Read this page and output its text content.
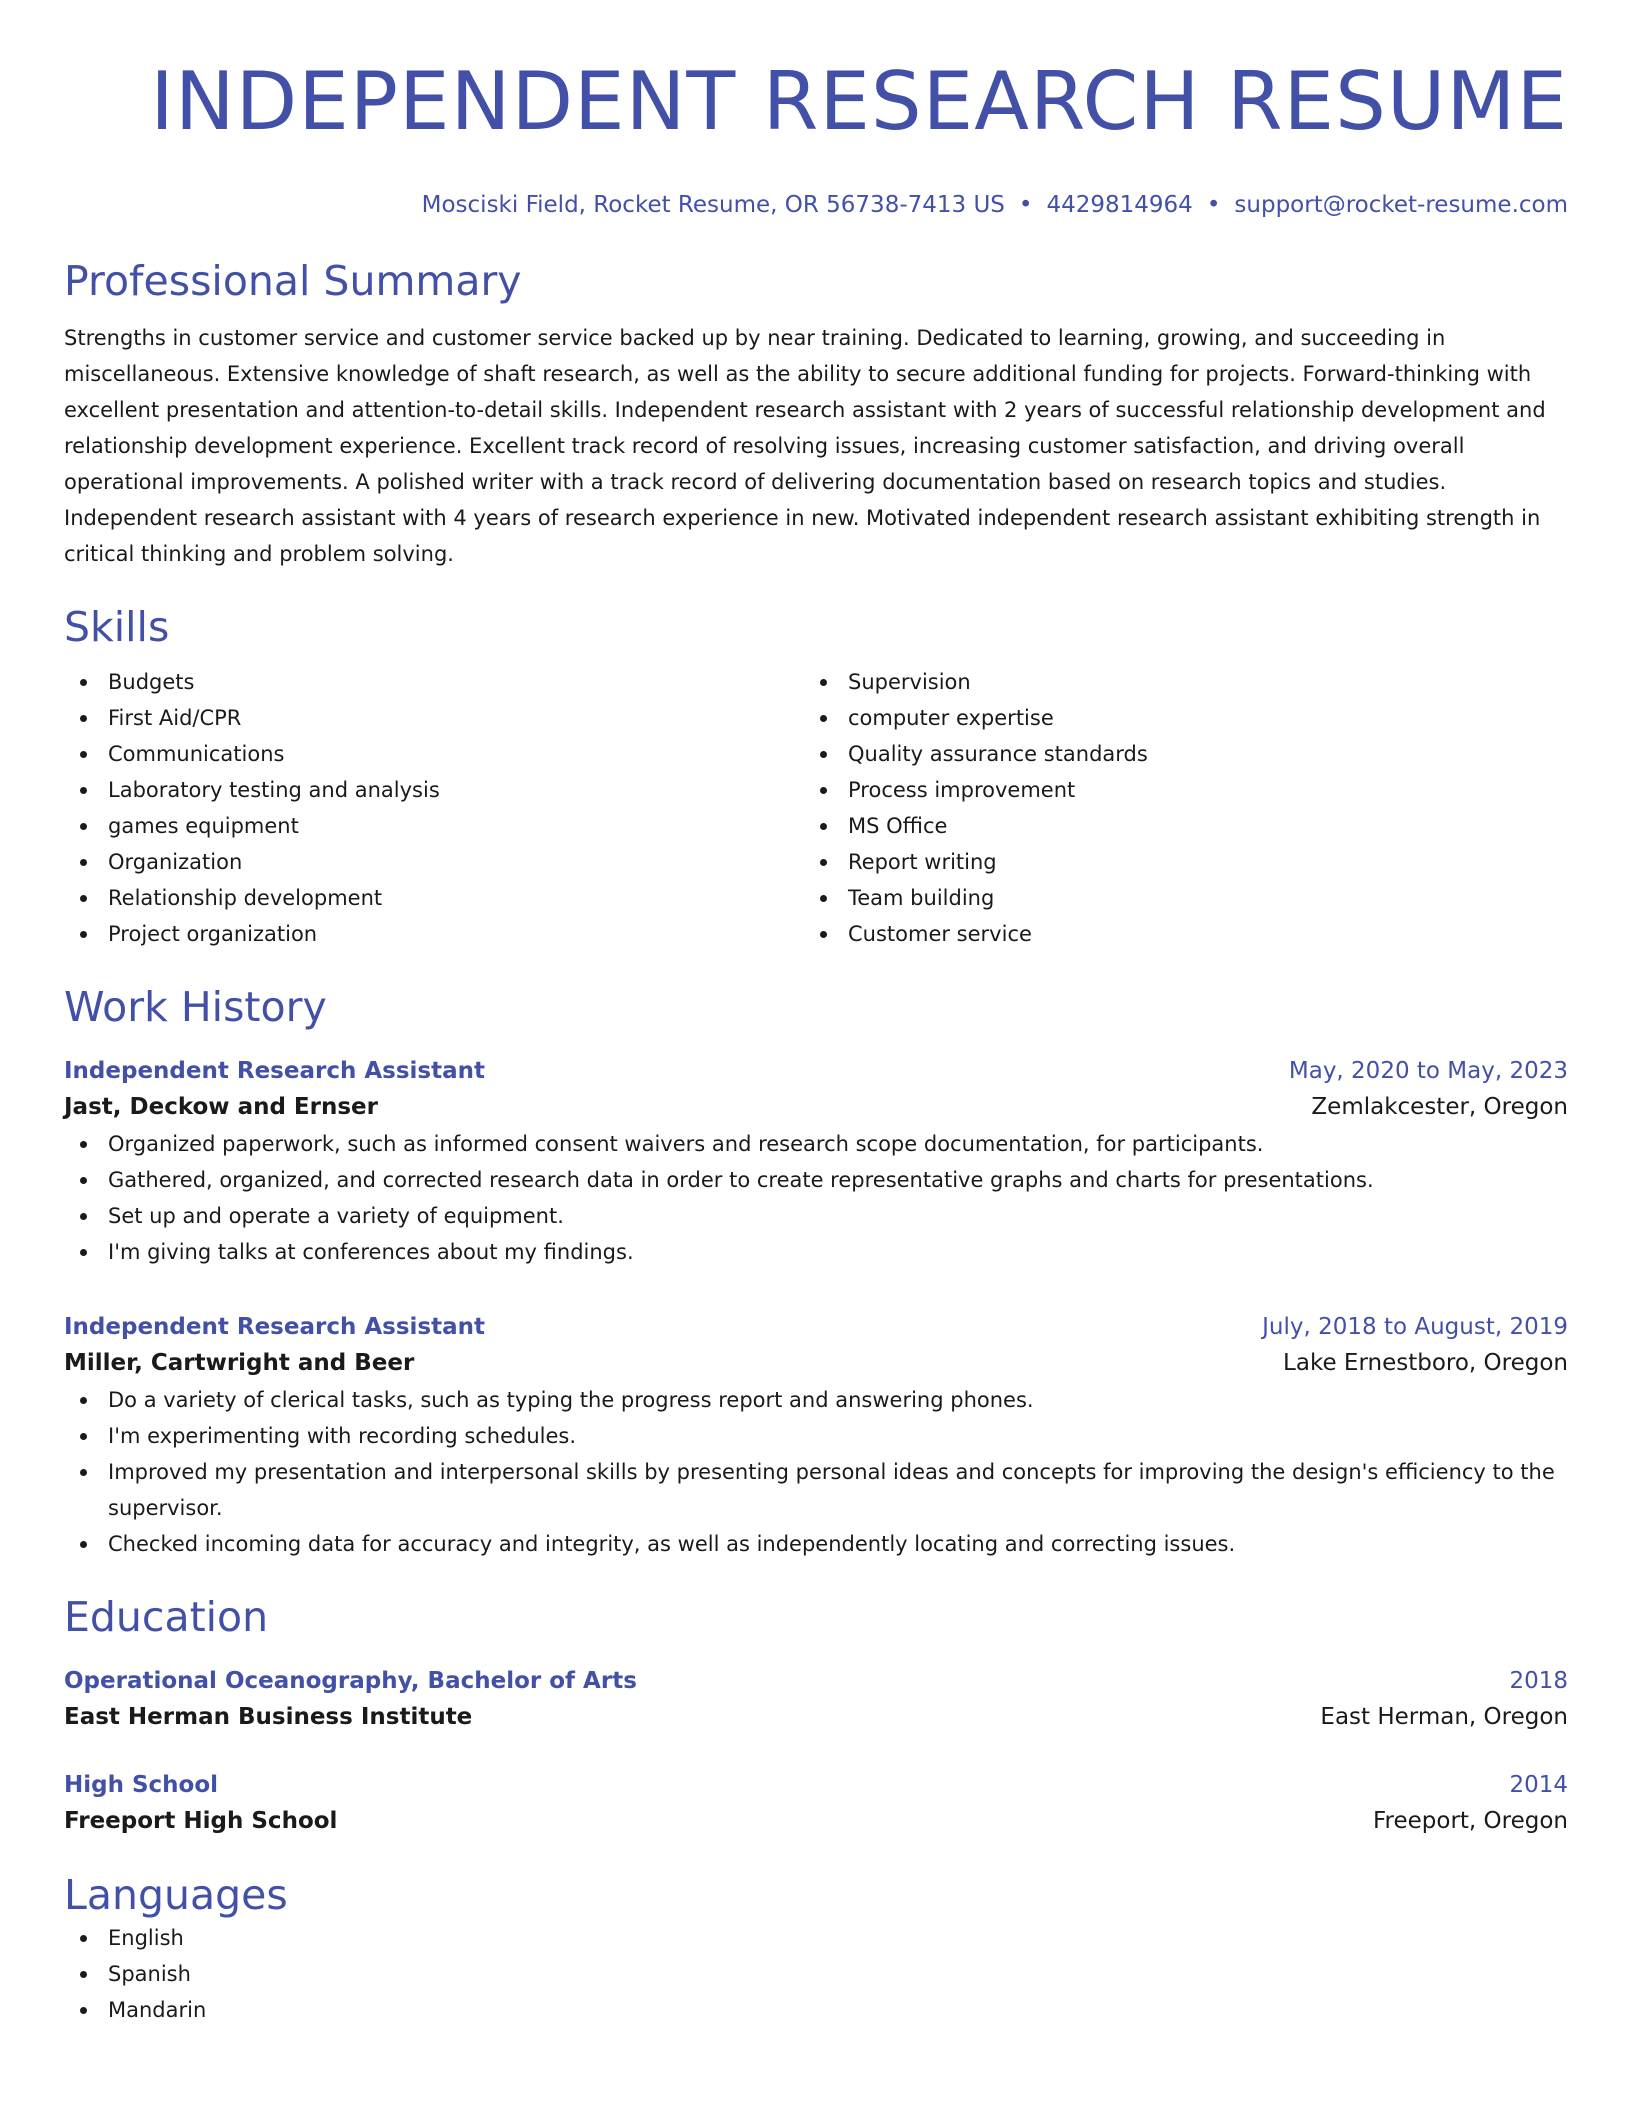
INDEPENDENT RESEARCH RESUME
Mosciski Field, Rocket Resume, OR 56738-7413 US • 4429814964 • support@rocket-resume.com
Professional Summary

Strengths in customer service and customer service backed up by near training. Dedicated to learning, growing, and succeeding in miscellaneous. Extensive knowledge of shaft research, as well as the ability to secure additional funding for projects. Forward-thinking with excellent presentation and attention-to-detail skills. Independent research assistant with 2 years of successful relationship development and relationship development experience. Excellent track record of resolving issues, increasing customer satisfaction, and driving overall operational improvements. A polished writer with a track record of delivering documentation based on research topics and studies. Independent research assistant with 4 years of research experience in new. Motivated independent research assistant exhibiting strength in critical thinking and problem solving.

Skills
Budgets
First Aid/CPR
Communications
Laboratory testing and analysis
games equipment
Organization
Relationship development
Project organization
Supervision
computer expertise
Quality assurance standards
Process improvement
MS Office
Report writing
Team building
Customer service
Work History
Independent Research Assistant	May, 2020 to May, 2023
Jast, Deckow and Ernser	Zemlakcester, Oregon
Organized paperwork, such as informed consent waivers and research scope documentation, for participants.
Gathered, organized, and corrected research data in order to create representative graphs and charts for presentations.
Set up and operate a variety of equipment.
I'm giving talks at conferences about my findings.
Independent Research Assistant	July, 2018 to August, 2019
Miller, Cartwright and Beer	Lake Ernestboro, Oregon
Do a variety of clerical tasks, such as typing the progress report and answering phones.
I'm experimenting with recording schedules.
Improved my presentation and interpersonal skills by presenting personal ideas and concepts for improving the design's efficiency to the supervisor.
Checked incoming data for accuracy and integrity, as well as independently locating and correcting issues.
Education
Operational Oceanography, Bachelor of Arts	2018
East Herman Business Institute	East Herman, Oregon
High School	2014
Freeport High School	Freeport, Oregon
Languages
English
Spanish
Mandarin
